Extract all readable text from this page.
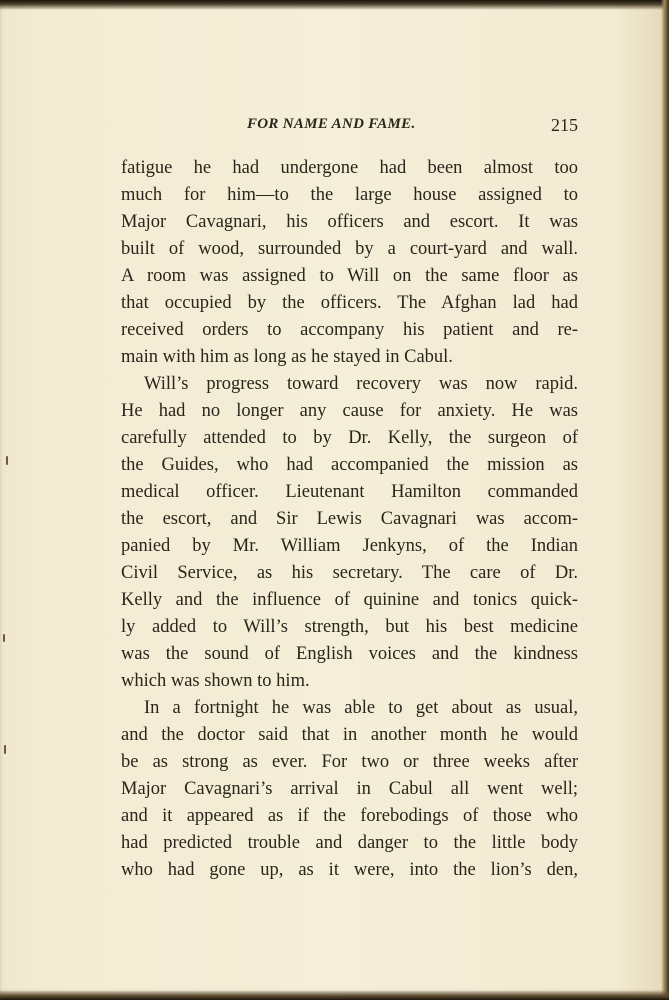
FOR NAME AND FAME.	215
fatigue he had undergone had been almost too
much for him—to the large house assigned to
Major Cavagnari, his officers and escort. It was
built of wood, surrounded by a court-yard and wall.
A room was assigned to Will on the same floor as
that occupied by the officers. The Afghan lad had
received orders to accompany his patient and re-
main with him as long as he stayed in Cabul.
Will’s progress toward recovery was now rapid.
He had no longer any cause for anxiety. He was
carefully attended to by Dr. Kelly, the surgeon of
the Guides, who had accompanied the mission as
medical officer. Lieutenant Hamilton commanded
the escort, and Sir Lewis Cavagnari was accom-
panied by Mr. William Jenkyns, of the Indian
Civil Service, as his secretary. The care of Dr.
Kelly and the influence of quinine and tonics quick-
ly added to Will’s strength, but his best medicine
was the sound of English voices and the kindness
which was shown to him.
In a fortnight he was able to get about as usual,
and the doctor said that in another month he would
be as strong as ever. For two or three weeks after
Major Cavagnari’s arrival in Cabul all went well;
and it appeared as if the forebodings of those who
had predicted trouble and danger to the little body
who had gone up, as it were, into the lion’s den,
